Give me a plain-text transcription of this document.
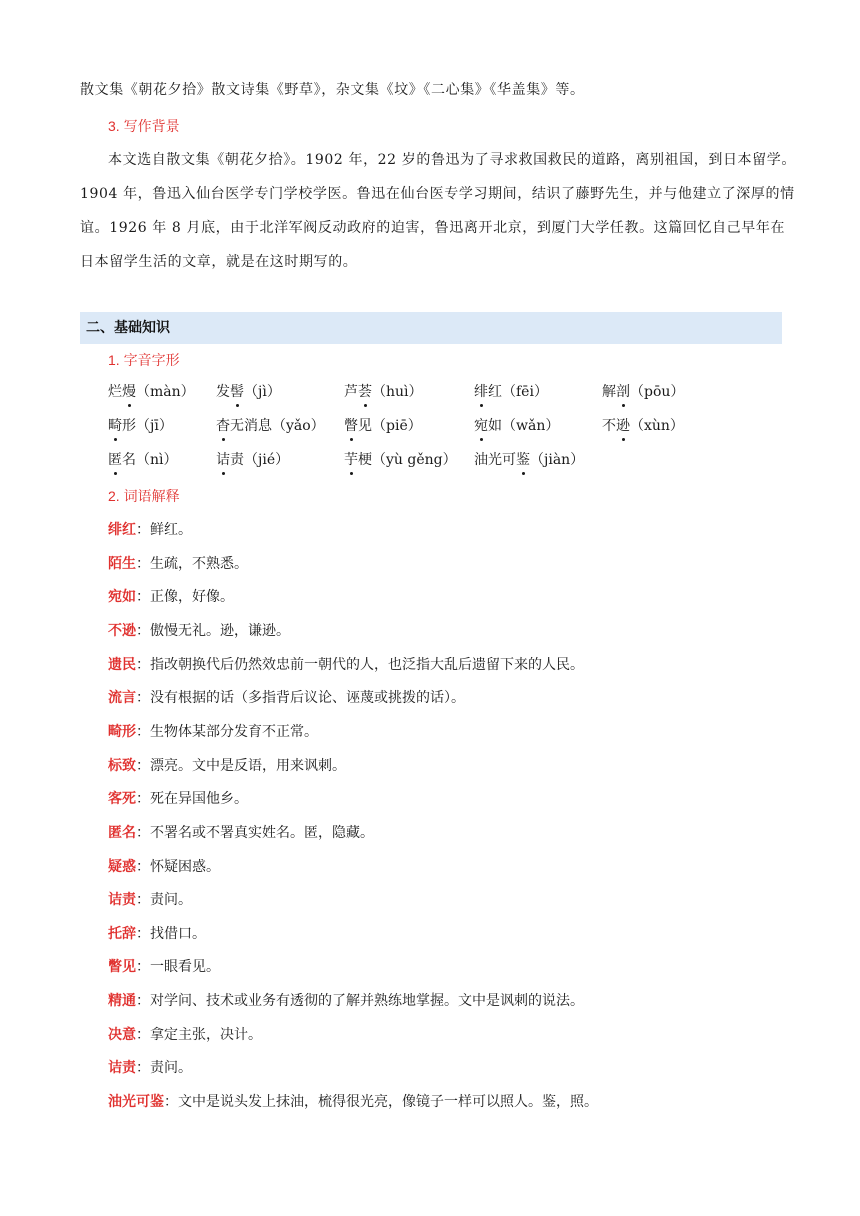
散文集《朝花夕拾》散文诗集《野草》，杂文集《坟》《二心集》《华盖集》等。
3. 写作背景
本文选自散文集《朝花夕拾》。1902 年，22 岁的鲁迅为了寻求救国救民的道路，离别祖国，到日本留学。
1904 年，鲁迅入仙台医学专门学校学医。鲁迅在仙台医专学习期间，结识了藤野先生，并与他建立了深厚的情
谊。1926 年 8 月底，由于北洋军阀反动政府的迫害，鲁迅离开北京，到厦门大学任教。这篇回忆自己早年在
日本留学生活的文章，就是在这时期写的。
二、基础知识
1. 字音字形
烂熳（màn） 发髻（jì）	芦荟（huì）	绯红（fēi）	解剖（pōu）
畸形（jī）	杳无消息（yǎo） 瞥见（piē）	宛如（wǎn）	不逊（xùn）
匿名（nì）	诘责（jié）	芋梗（yù gěng） 油光可鉴（jiàn）
2. 词语解释
绯红：鲜红。
陌生：生疏，不熟悉。
宛如：正像，好像。
不逊：傲慢无礼。逊，谦逊。
遗民：指改朝换代后仍然效忠前一朝代的人，也泛指大乱后遗留下来的人民。
流言：没有根据的话（多指背后议论、诬蔑或挑拨的话）。
畸形：生物体某部分发育不正常。
标致：漂亮。文中是反语，用来讽刺。
客死：死在异国他乡。
匿名：不署名或不署真实姓名。匿，隐藏。
疑惑：怀疑困惑。
诘责：责问。
托辞：找借口。
瞥见：一眼看见。
精通：对学问、技术或业务有透彻的了解并熟练地掌握。文中是讽刺的说法。
决意：拿定主张，决计。
诘责：责问。
油光可鉴：文中是说头发上抹油，梳得很光亮，像镜子一样可以照人。鉴，照。
